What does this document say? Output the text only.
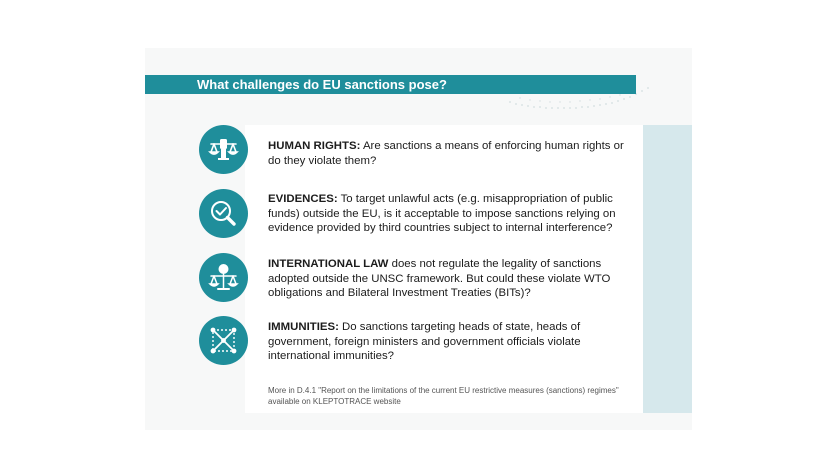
What challenges do EU sanctions pose?
HUMAN RIGHTS: Are sanctions a means of enforcing human rights or do they violate them?
EVIDENCES: To target unlawful acts (e.g. misappropriation of public funds) outside the EU, is it acceptable to impose sanctions relying on evidence provided by third countries subject to internal interference?
INTERNATIONAL LAW does not regulate the legality of sanctions adopted outside the UNSC framework. But could these violate WTO obligations and Bilateral Investment Treaties (BITs)?
IMMUNITIES: Do sanctions targeting heads of state, heads of government, foreign ministers and government officials violate international immunities?
More in D.4.1 "Report on the limitations of the current EU restrictive measures (sanctions) regimes" available on KLEPTOTRACE website
